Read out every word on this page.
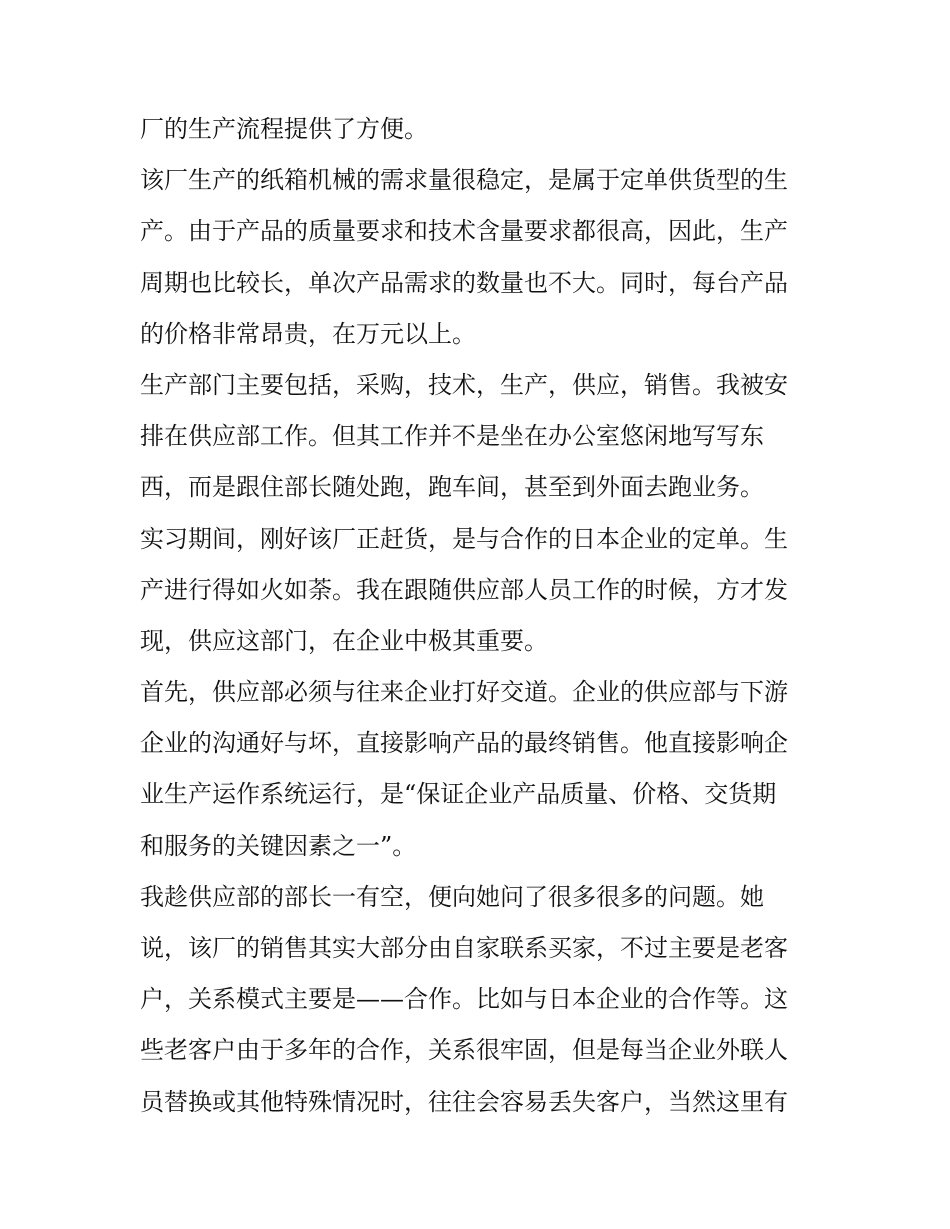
厂的生产流程提供了方便。
该厂生产的纸箱机械的需求量很稳定，是属于定单供货型的生
产。由于产品的质量要求和技术含量要求都很高，因此，生产
周期也比较长，单次产品需求的数量也不大。同时，每台产品
的价格非常昂贵，在万元以上。
生产部门主要包括，采购，技术，生产，供应，销售。我被安
排在供应部工作。但其工作并不是坐在办公室悠闲地写写东
西，而是跟住部长随处跑，跑车间，甚至到外面去跑业务。
实习期间，刚好该厂正赶货，是与合作的日本企业的定单。生
产进行得如火如荼。我在跟随供应部人员工作的时候，方才发
现，供应这部门，在企业中极其重要。
首先，供应部必须与往来企业打好交道。企业的供应部与下游
企业的沟通好与坏，直接影响产品的最终销售。他直接影响企
业生产运作系统运行，是“保证企业产品质量、价格、交货期
和服务的关键因素之一”。
我趁供应部的部长一有空，便向她问了很多很多的问题。她
说，该厂的销售其实大部分由自家联系买家，不过主要是老客
户，关系模式主要是——合作。比如与日本企业的合作等。这
些老客户由于多年的合作，关系很牢固，但是每当企业外联人
员替换或其他特殊情况时，往往会容易丢失客户，当然这里有
